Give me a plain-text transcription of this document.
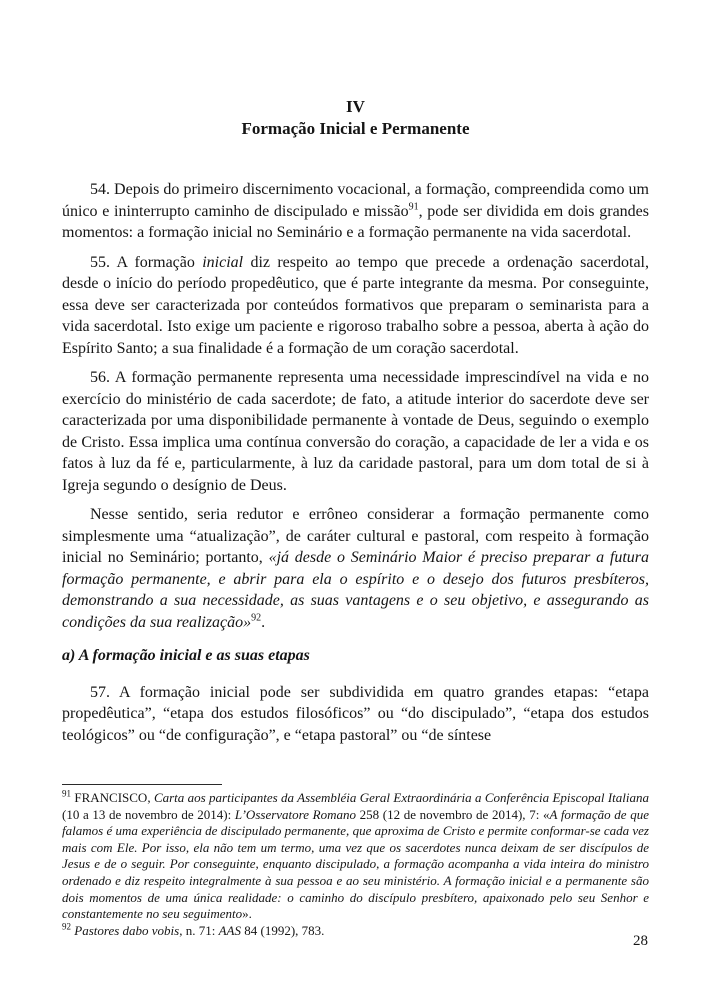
IV
Formação Inicial e Permanente

54. Depois do primeiro discernimento vocacional, a formação, compreendida como um único e ininterrupto caminho de discipulado e missão$^{91}$, pode ser dividida em dois grandes momentos: a formação inicial no Seminário e a formação permanente na vida sacerdotal.

55. A formação inicial diz respeito ao tempo que precede a ordenação sacerdotal, desde o início do período propedêutico, que é parte integrante da mesma. Por conseguinte, essa deve ser caracterizada por conteúdos formativos que preparam o seminarista para a vida sacerdotal. Isto exige um paciente e rigoroso trabalho sobre a pessoa, aberta à ação do Espírito Santo; a sua finalidade é a formação de um coração sacerdotal.

56. A formação permanente representa uma necessidade imprescindível na vida e no exercício do ministério de cada sacerdote; de fato, a atitude interior do sacerdote deve ser caracterizada por uma disponibilidade permanente à vontade de Deus, seguindo o exemplo de Cristo. Essa implica uma contínua conversão do coração, a capacidade de ler a vida e os fatos à luz da fé e, particularmente, à luz da caridade pastoral, para um dom total de si à Igreja segundo o desígnio de Deus.

Nesse sentido, seria redutor e errôneo considerar a formação permanente como simplesmente uma “atualização”, de caráter cultural e pastoral, com respeito à formação inicial no Seminário; portanto, «já desde o Seminário Maior é preciso preparar a futura formação permanente, e abrir para ela o espírito e o desejo dos futuros presbíteros, demonstrando a sua necessidade, as suas vantagens e o seu objetivo, e assegurando as condições da sua realização»$^{92}$.

a) A formação inicial e as suas etapas

57. A formação inicial pode ser subdividida em quatro grandes etapas: “etapa propedêutica”, “etapa dos estudos filosóficos” ou “do discipulado”, “etapa dos estudos teológicos” ou “de configuração”, e “etapa pastoral” ou “de síntese

$^{91}$ FRANCISCO, Carta aos participantes da Assembléia Geral Extraordinária a Conferência Episcopal Italiana (10 a 13 de novembro de 2014): L’Osservatore Romano 258 (12 de novembro de 2014), 7: «A formação de que falamos é uma experiência de discipulado permanente, que aproxima de Cristo e permite conformar-se cada vez mais com Ele. Por isso, ela não tem um termo, uma vez que os sacerdotes nunca deixam de ser discípulos de Jesus e de o seguir. Por conseguinte, enquanto discipulado, a formação acompanha a vida inteira do ministro ordenado e diz respeito integralmente à sua pessoa e ao seu ministério. A formação inicial e a permanente são dois momentos de uma única realidade: o caminho do discípulo presbítero, apaixonado pelo seu Senhor e constantemente no seu seguimento».

$^{92}$ Pastores dabo vobis, n. 71: AAS 84 (1992), 783.

28
